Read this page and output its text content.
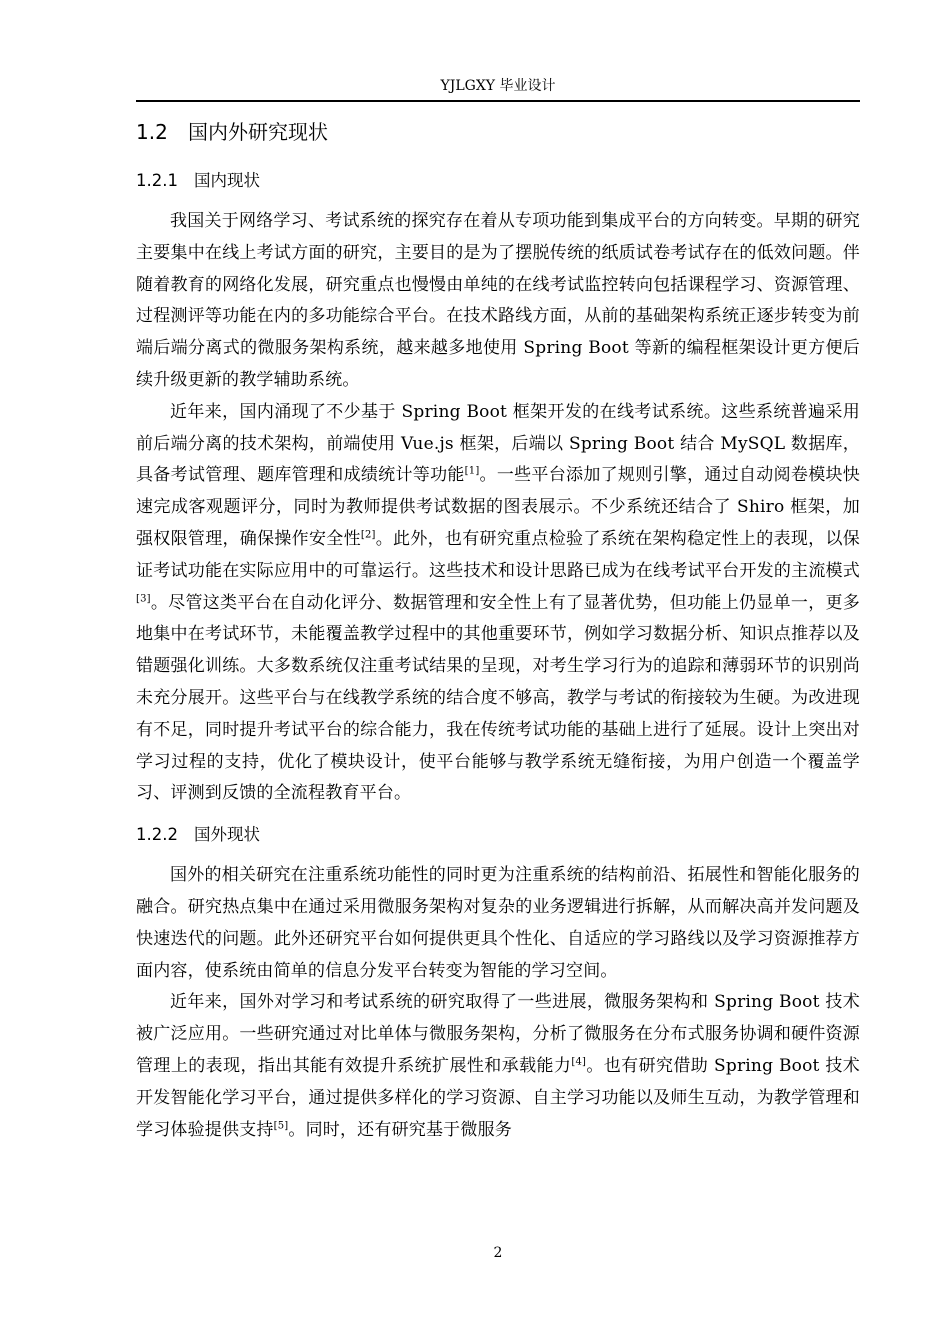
YJLGXY 毕业设计
1.2 国内外研究现状
1.2.1 国内现状

我国关于网络学习、考试系统的探究存在着从专项功能到集成平台的方向转变。早期的研究主要集中在线上考试方面的研究，主要目的是为了摆脱传统的纸质试卷考试存在的低效问题。伴随着教育的网络化发展，研究重点也慢慢由单纯的在线考试监控转向包括课程学习、资源管理、过程测评等功能在内的多功能综合平台。在技术路线方面，从前的基础架构系统正逐步转变为前端后端分离式的微服务架构系统，越来越多地使用 Spring Boot 等新的编程框架设计更方便后续升级更新的教学辅助系统。

近年来，国内涌现了不少基于 Spring Boot 框架开发的在线考试系统。这些系统普遍采用前后端分离的技术架构，前端使用 Vue.js 框架，后端以 Spring Boot 结合 MySQL 数据库，具备考试管理、题库管理和成绩统计等功能[1]。一些平台添加了规则引擎，通过自动阅卷模块快速完成客观题评分，同时为教师提供考试数据的图表展示。不少系统还结合了 Shiro 框架，加强权限管理，确保操作安全性[2]。此外，也有研究重点检验了系统在架构稳定性上的表现，以保证考试功能在实际应用中的可靠运行。这些技术和设计思路已成为在线考试平台开发的主流模式[3]。尽管这类平台在自动化评分、数据管理和安全性上有了显著优势，但功能上仍显单一，更多地集中在考试环节，未能覆盖教学过程中的其他重要环节，例如学习数据分析、知识点推荐以及错题强化训练。大多数系统仅注重考试结果的呈现，对考生学习行为的追踪和薄弱环节的识别尚未充分展开。这些平台与在线教学系统的结合度不够高，教学与考试的衔接较为生硬。为改进现有不足，同时提升考试平台的综合能力，我在传统考试功能的基础上进行了延展。设计上突出对学习过程的支持，优化了模块设计，使平台能够与教学系统无缝衔接，为用户创造一个覆盖学习、评测到反馈的全流程教育平台。

1.2.2 国外现状

国外的相关研究在注重系统功能性的同时更为注重系统的结构前沿、拓展性和智能化服务的融合。研究热点集中在通过采用微服务架构对复杂的业务逻辑进行拆解，从而解决高并发问题及快速迭代的问题。此外还研究平台如何提供更具个性化、自适应的学习路线以及学习资源推荐方面内容，使系统由简单的信息分发平台转变为智能的学习空间。

近年来，国外对学习和考试系统的研究取得了一些进展，微服务架构和 Spring Boot 技术被广泛应用。一些研究通过对比单体与微服务架构，分析了微服务在分布式服务协调和硬件资源管理上的表现，指出其能有效提升系统扩展性和承载能力[4]。也有研究借助 Spring Boot 技术开发智能化学习平台，通过提供多样化的学习资源、自主学习功能以及师生互动，为教学管理和学习体验提供支持[5]。同时，还有研究基于微服务

2
